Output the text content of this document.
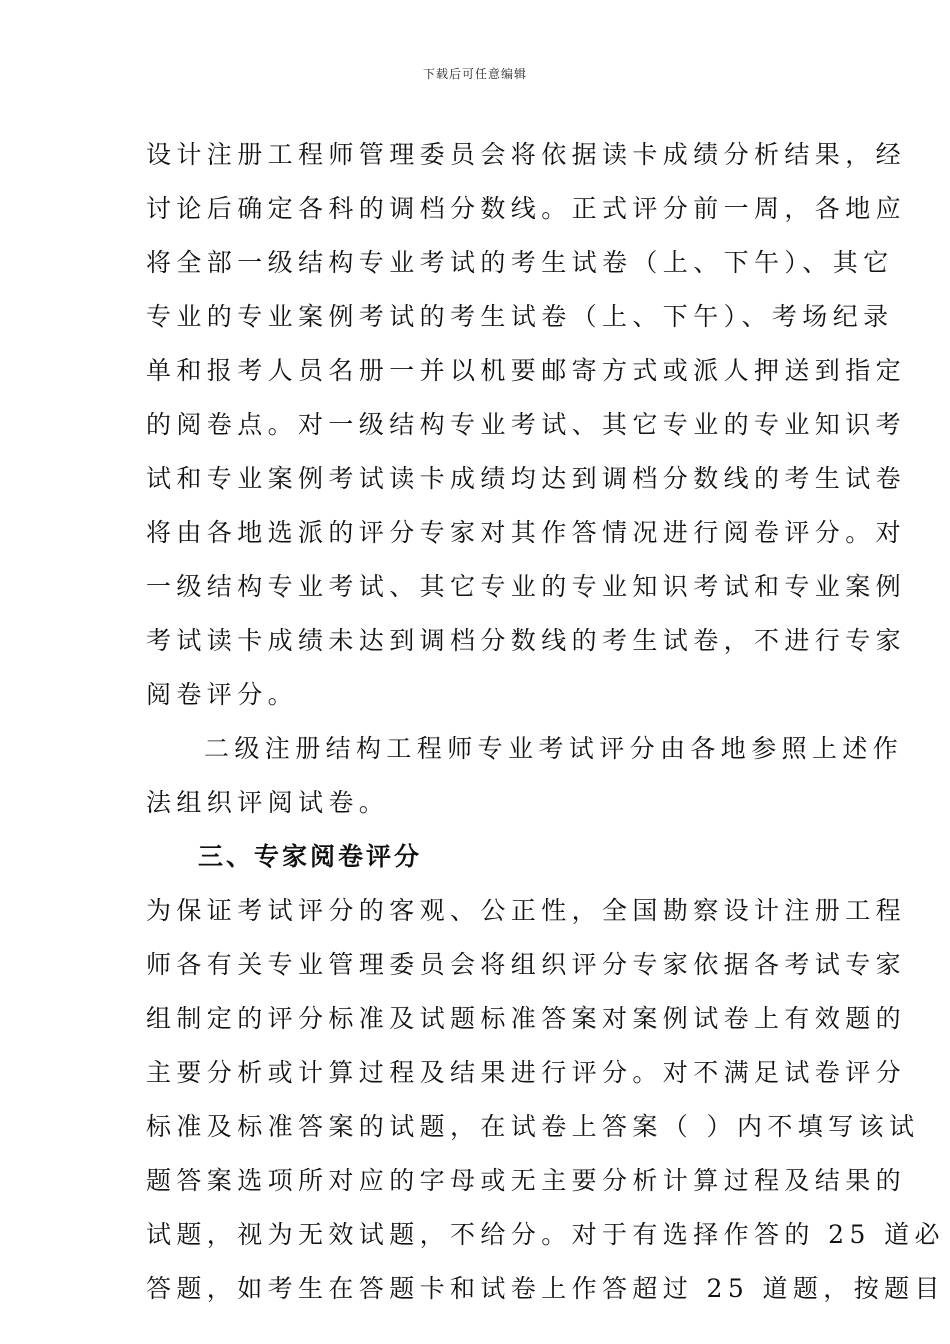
下载后可任意编辑
设计注册工程师管理委员会将依据读卡成绩分析结果，经
讨论后确定各科的调档分数线。正式评分前一周，各地应
将全部一级结构专业考试的考生试卷（上、下午）、其它
专业的专业案例考试的考生试卷（上、下午）、考场纪录
单和报考人员名册一并以机要邮寄方式或派人押送到指定
的阅卷点。对一级结构专业考试、其它专业的专业知识考
试和专业案例考试读卡成绩均达到调档分数线的考生试卷
将由各地选派的评分专家对其作答情况进行阅卷评分。对
一级结构专业考试、其它专业的专业知识考试和专业案例
考试读卡成绩未达到调档分数线的考生试卷，不进行专家
阅卷评分。
二级注册结构工程师专业考试评分由各地参照上述作
法组织评阅试卷。
三、专家阅卷评分
为保证考试评分的客观、公正性，全国勘察设计注册工程
师各有关专业管理委员会将组织评分专家依据各考试专家
组制定的评分标准及试题标准答案对案例试卷上有效题的
主要分析或计算过程及结果进行评分。对不满足试卷评分
标准及标准答案的试题，在试卷上答案（ ）内不填写该试
题答案选项所对应的字母或无主要分析计算过程及结果的
试题，视为无效试题，不给分。对于有选择作答的 25 道必
答题，如考生在答题卡和试卷上作答超过 25 道题，按题目
